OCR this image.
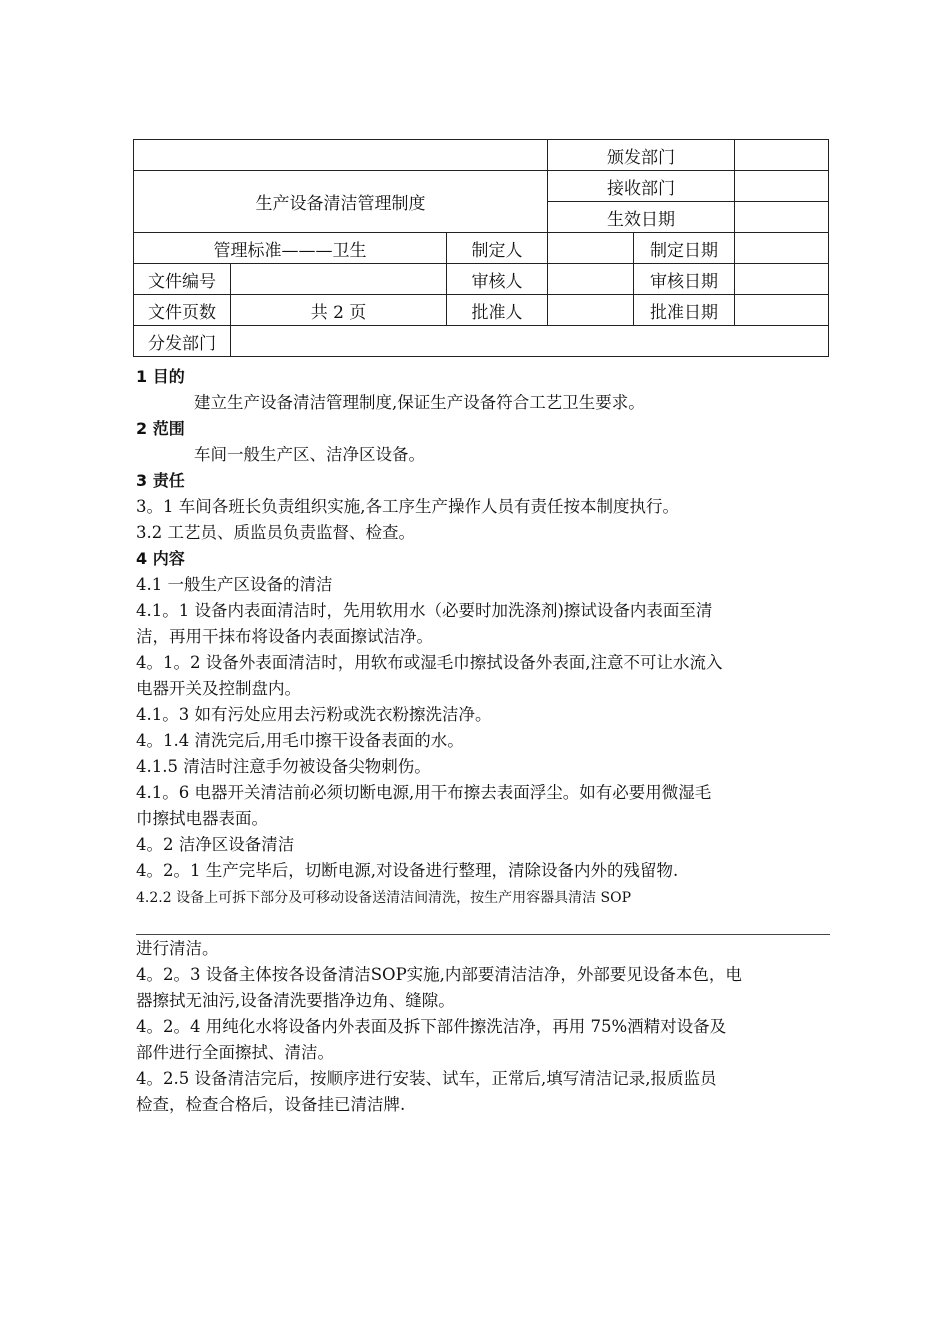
			颁发部门		
生产设备清洁管理制度			接收部门		
			生效日期		
管理标准———卫生		制定人		制定日期	
文件编号		审核人		审核日期	
文件页数	共 2 页	批准人		批准日期	
分发部门					

1 目的

建立生产设备清洁管理制度,保证生产设备符合工艺卫生要求。

2 范围

车间一般生产区、洁净区设备。

3 责任

3。1 车间各班长负责组织实施,各工序生产操作人员有责任按本制度执行。

3.2 工艺员、质监员负责监督、检查。

4 内容

4.1 一般生产区设备的清洁

4.1。1 设备内表面清洁时，先用软用水（必要时加洗涤剂)擦试设备内表面至清

洁，再用干抹布将设备内表面擦试洁净。

4。1。2 设备外表面清洁时，用软布或湿毛巾擦拭设备外表面,注意不可让水流入

电器开关及控制盘内。

4.1。3 如有污处应用去污粉或洗衣粉擦洗洁净。

4。1.4 清洗完后,用毛巾擦干设备表面的水。

4.1.5 清洁时注意手勿被设备尖物刺伤。

4.1。6 电器开关清洁前必须切断电源,用干布擦去表面浮尘。如有必要用微湿毛

巾擦拭电器表面。

4。2 洁净区设备清洁

4。2。1 生产完毕后，切断电源,对设备进行整理，清除设备内外的残留物.

4.2.2 设备上可拆下部分及可移动设备送清洁间清洗，按生产用容器具清洁 SOP

进行清洁。

4。2。3 设备主体按各设备清洁SOP实施,内部要清洁洁净，外部要见设备本色，电

器擦拭无油污,设备清洗要揩净边角、缝隙。

4。2。4 用纯化水将设备内外表面及拆下部件擦洗洁净，再用 75%酒精对设备及

部件进行全面擦拭、清洁。

4。2.5 设备清洁完后，按顺序进行安装、试车，正常后,填写清洁记录,报质监员

检查，检查合格后，设备挂已清洁牌.
